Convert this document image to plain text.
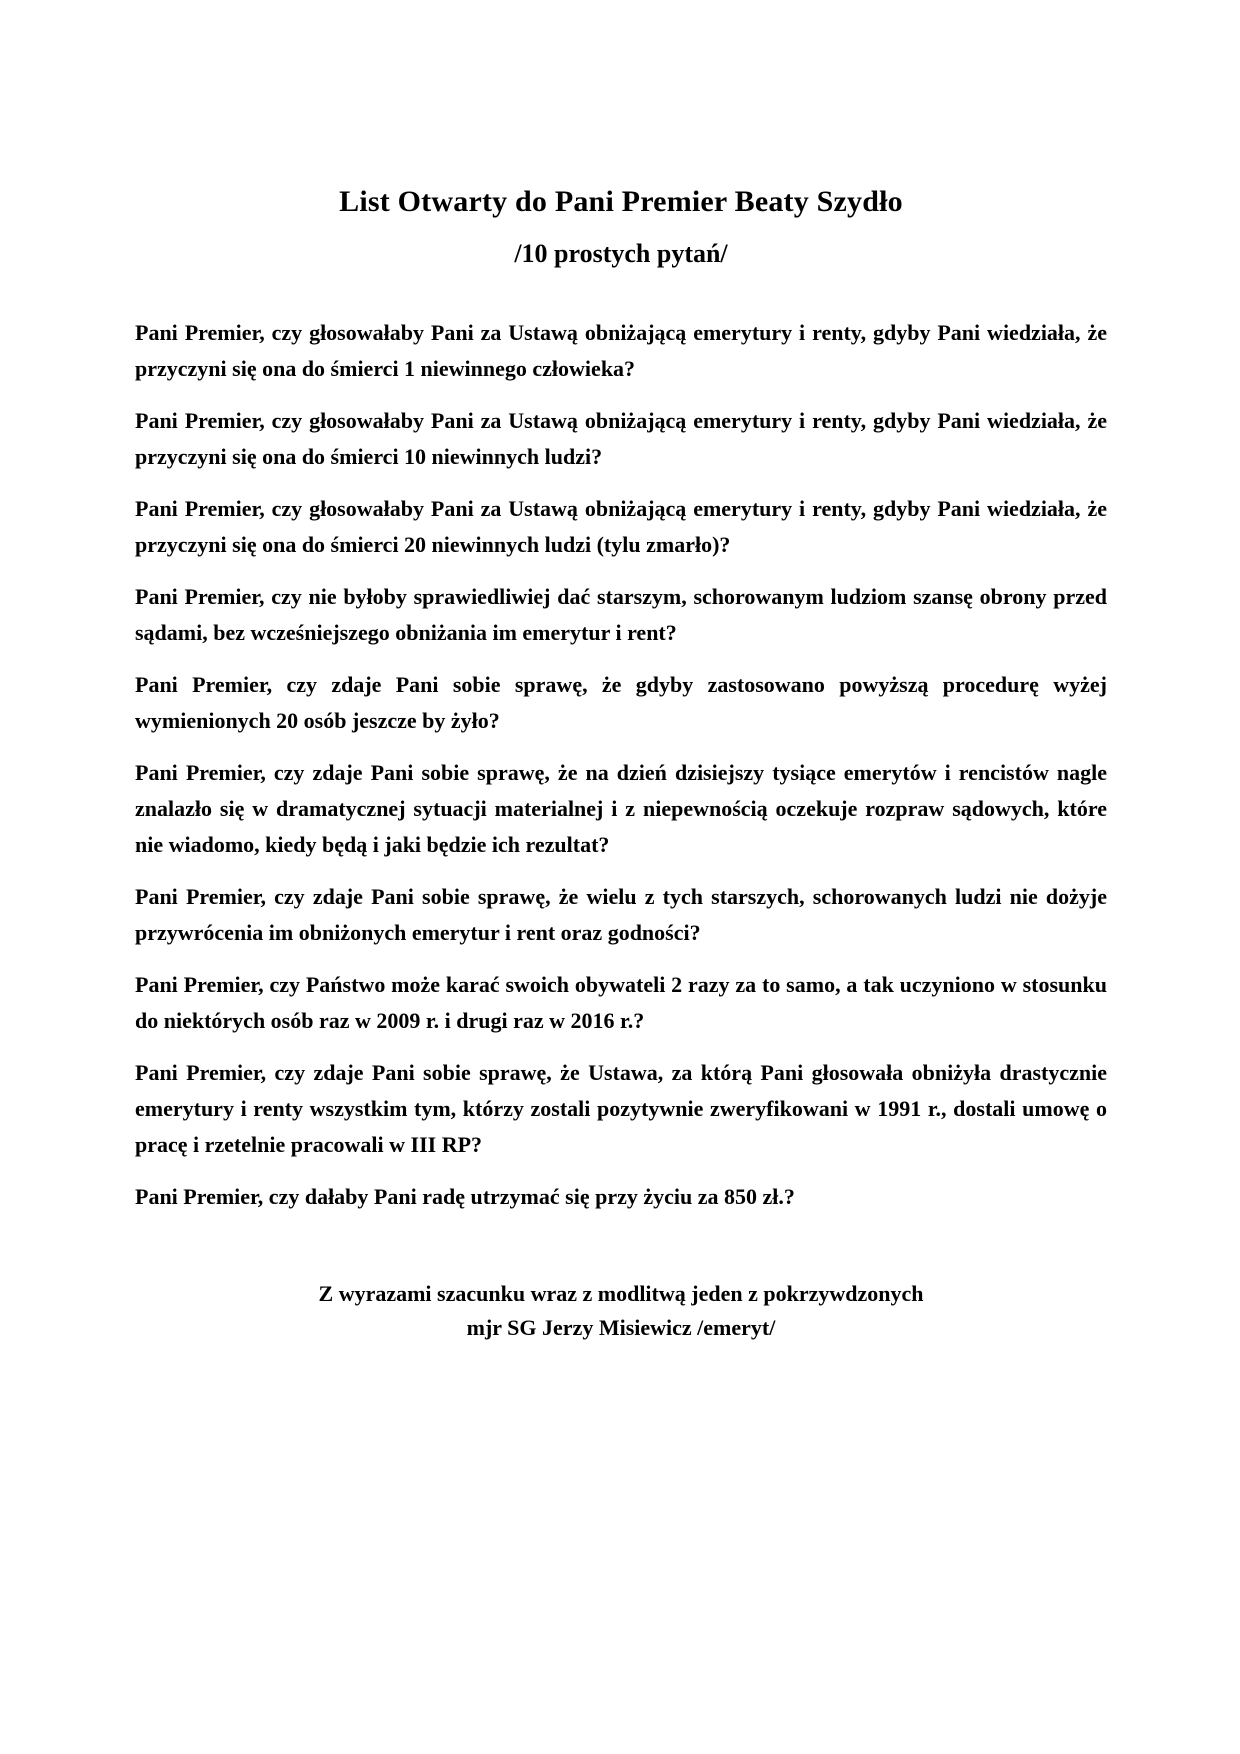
List Otwarty do Pani Premier Beaty Szydło
/10 prostych pytań/

Pani Premier, czy głosowałaby Pani za Ustawą obniżającą emerytury i renty, gdyby Pani wiedziała, że przyczyni się ona do śmierci 1 niewinnego człowieka?

Pani Premier, czy głosowałaby Pani za Ustawą obniżającą emerytury i renty, gdyby Pani wiedziała, że przyczyni się ona do śmierci 10 niewinnych ludzi?

Pani Premier, czy głosowałaby Pani za Ustawą obniżającą emerytury i renty, gdyby Pani wiedziała, że przyczyni się ona do śmierci 20 niewinnych ludzi (tylu zmarło)?

Pani Premier, czy nie byłoby sprawiedliwiej dać starszym, schorowanym ludziom szansę obrony przed sądami, bez wcześniejszego obniżania im emerytur i rent?

Pani Premier, czy zdaje Pani sobie sprawę, że gdyby zastosowano powyższą procedurę wyżej wymienionych 20 osób jeszcze by żyło?

Pani Premier, czy zdaje Pani sobie sprawę, że na dzień dzisiejszy tysiące emerytów i rencistów nagle znalazło się w dramatycznej sytuacji materialnej i z niepewnością oczekuje rozpraw sądowych, które nie wiadomo, kiedy będą i jaki będzie ich rezultat?

Pani Premier, czy zdaje Pani sobie sprawę, że wielu z tych starszych, schorowanych ludzi nie dożyje przywrócenia im obniżonych emerytur i rent oraz godności?

Pani Premier, czy Państwo może karać swoich obywateli 2 razy za to samo, a tak uczyniono w stosunku do niektórych osób raz w 2009 r. i drugi raz w 2016 r.?

Pani Premier, czy zdaje Pani sobie sprawę, że Ustawa, za którą Pani głosowała obniżyła drastycznie emerytury i renty wszystkim tym, którzy zostali pozytywnie zweryfikowani w 1991 r., dostali umowę o pracę i rzetelnie pracowali w III RP?

Pani Premier, czy dałaby Pani radę utrzymać się przy życiu za 850 zł.?

Z wyrazami szacunku wraz z modlitwą jeden z pokrzywdzonych
mjr SG Jerzy Misiewicz /emeryt/
